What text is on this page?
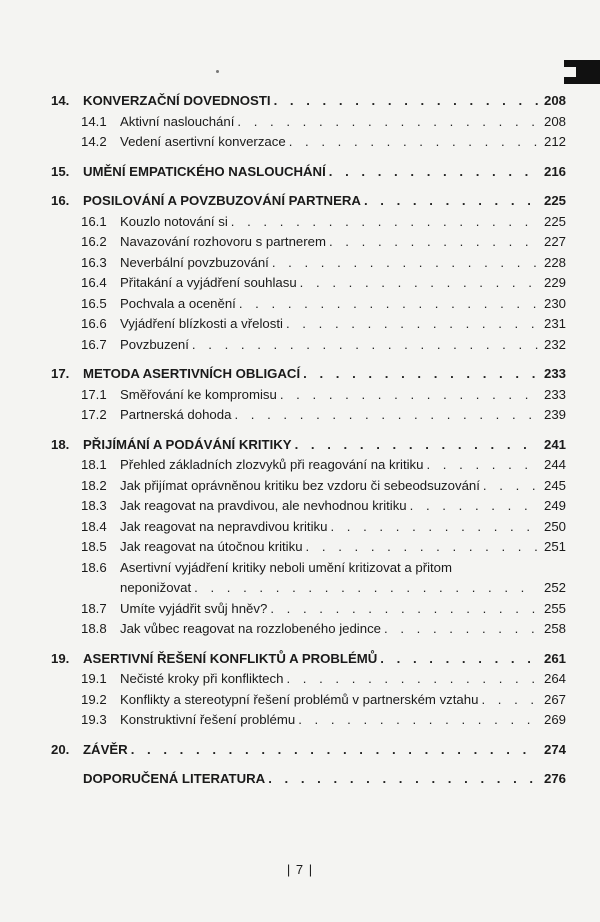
14.	KONVERZAČNÍ DOVEDNOSTI . . .	208
14.1	Aktivní naslouchání . . .	208
14.2	Vedení asertivní konverzace . . .	212
15.	UMĚNÍ EMPATICKÉHO NASLOUCHÁNÍ . . .	216
16.	POSILOVÁNÍ A POVZBUZOVÁNÍ PARTNERA . . .	225
16.1	Kouzlo notování si . . .	225
16.2	Navazování rozhovoru s partnerem . . .	227
16.3	Neverbální povzbuzování . . .	228
16.4	Přitakání a vyjádření souhlasu . . .	229
16.5	Pochvala a ocenění . . .	230
16.6	Vyjádření blízkosti a vřelosti . . .	231
16.7	Povzbuzení . . .	232
17.	METODA ASERTIVNÍCH OBLIGACÍ . . .	233
17.1	Směřování ke kompromisu . . .	233
17.2	Partnerská dohoda . . .	239
18.	PŘIJÍMÁNÍ A PODÁVÁNÍ KRITIKY . . .	241
18.1	Přehled základních zlozvyků při reagování na kritiku . . .	244
18.2	Jak přijímat oprávněnou kritiku bez vzdoru či sebeodsuzování . . .	245
18.3	Jak reagovat na pravdivou, ale nevhodnou kritiku . . .	249
18.4	Jak reagovat na nepravdivou kritiku . . .	250
18.5	Jak reagovat na útočnou kritiku . . .	251
18.6	Asertivní vyjádření kritiky neboli umění kritizovat a přitom
neponižovat . . .	252
18.7	Umíte vyjádřit svůj hněv? . . .	255
18.8	Jak vůbec reagovat na rozzlobeného jedince . . .	258
19.	ASERTIVNÍ ŘEŠENÍ KONFLIKTŮ A PROBLÉMŮ . . .	261
19.1	Nečisté kroky při konfliktech . . .	264
19.2	Konflikty a stereotypní řešení problémů v partnerském vztahu . . .	267
19.3	Konstruktivní řešení problému . . .	269
20.	ZÁVĚR . . .	274
DOPORUČENÁ LITERATURA . . .	276
| 7 |
